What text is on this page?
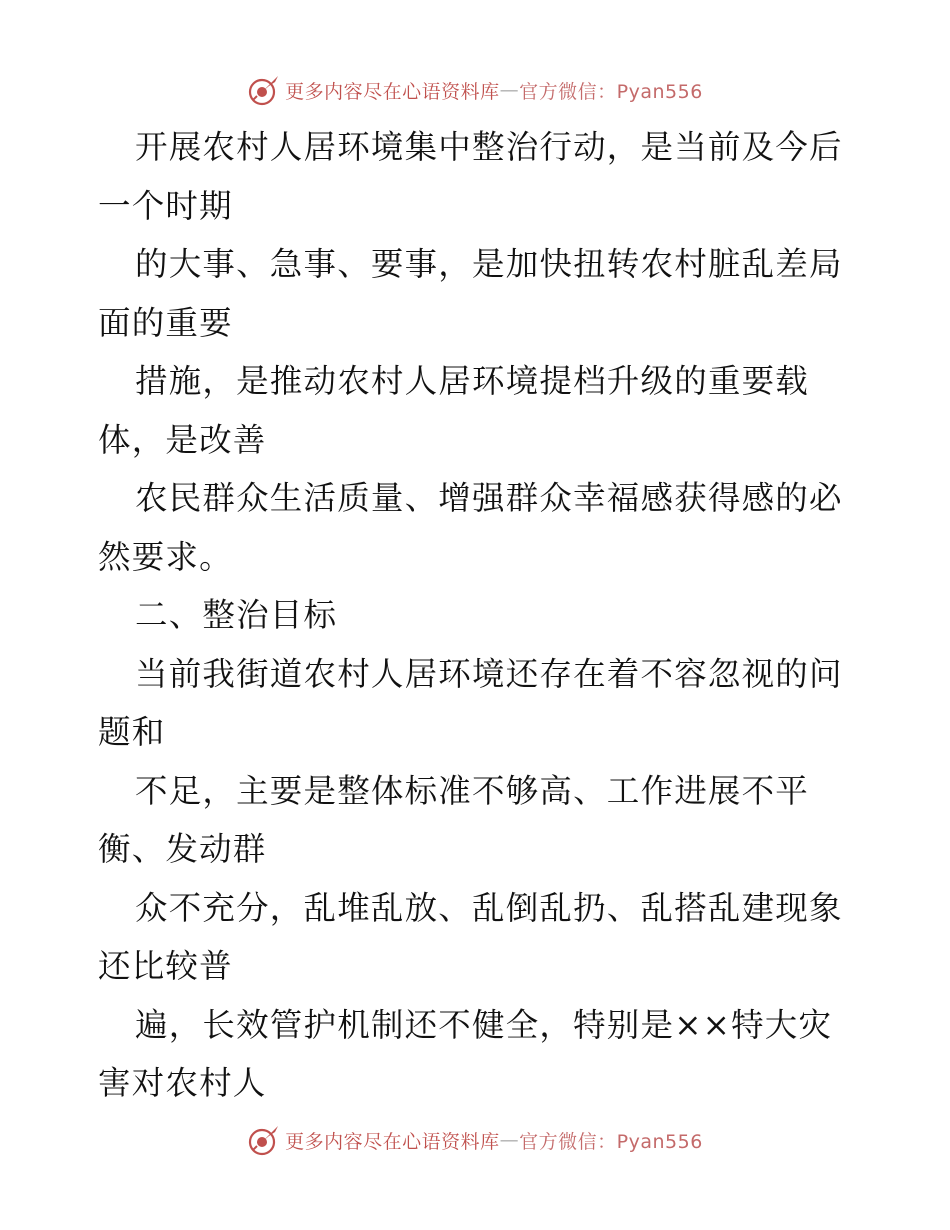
更多内容尽在心语资料库 — 官方微信：Pyan556
开展农村人居环境集中整治行动，是当前及今后
一个时期
的大事、急事、要事，是加快扭转农村脏乱差局
面的重要
措施，是推动农村人居环境提档升级的重要载
体，是改善
农民群众生活质量、增强群众幸福感获得感的必
然要求。
二、整治目标
当前我街道农村人居环境还存在着不容忽视的问
题和
不足，主要是整体标准不够高、工作进展不平
衡、发动群
众不充分，乱堆乱放、乱倒乱扔、乱搭乱建现象
还比较普
遍，长效管护机制还不健全，特别是××特大灾
害对农村人
更多内容尽在心语资料库 — 官方微信：Pyan556
